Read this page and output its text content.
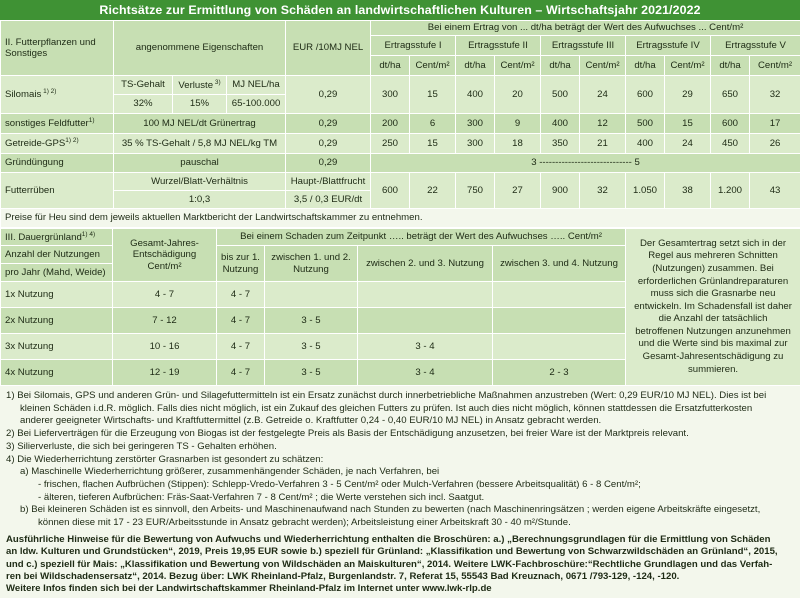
Richtsätze zur Ermittlung von Schäden an landwirtschaftlichen Kulturen – Wirtschaftsjahr 2021/2022
II. Futterpflanzen und Sonstiges	angenommene Eigenschaften			EUR /10MJ NEL	Bei einem Ertrag von ... dt/ha beträgt der Wert des Aufwuchses ... Cent/m²									
					Ertragsstufe I		Ertragsstufe II		Ertragsstufe III		Ertragsstufe IV		Ertragsstufe V	
					dt/ha	Cent/m²	dt/ha	Cent/m²	dt/ha	Cent/m²	dt/ha	Cent/m²	dt/ha	Cent/m²
Silomais $^{1) 2)}$	TS-Gehalt	Verluste $^{3)}$	MJ NEL/ha	0,29	300	15	400	20	500	24	600	29	650	32
	32%	15%	65-100.000											
sonstiges Feldfutter$^{1)}$	100 MJ NEL/dt Grünertrag			0,29	200	6	300	9	400	12	500	15	600	17
Getreide-$GPS^{1) 2)}$	35 % TS-Gehalt / 5,8 MJ NEL/kg TM			0,29	250	15	300	18	350	21	400	24	450	26
Gründüngung	pauschal			0,29	3 ----------------------------- 5									
Futterrüben	Wurzel/Blatt-Verhältnis			Haupt-/Blattfrucht	600	22	750	27	900	32	1.050	38	1.200	43
	1:0,3			3,5 / 0,3 EUR/dt										
Preise für Heu sind dem jeweils aktuellen Marktbericht der Landwirtschaftskammer zu entnehmen.														
III. Dauergrünland$^{1) 4)}$	Gesamt-Jahres-Entschädigung Cent/m²	Bei einem Schaden zum Zeitpunkt ….. beträgt der Wert des Aufwuchses ….. Cent/m²				Der Gesamtertrag setzt sich in der Regel aus mehreren Schnitten (Nutzungen) zusammen. Bei erforderlichen Grünlandreparaturen muss sich die Grasnarbe neu entwickeln. Im Schadensfall ist daher die Anzahl der tatsächlich betroffenen Nutzungen anzunehmen und die Werte sind bis maximal zur Gesamt-Jahresentschädigung zu summieren.
Anzahl der Nutzungen		bis zur 1. Nutzung	zwischen 1. und 2. Nutzung	zwischen 2. und 3. Nutzung	zwischen 3. und 4. Nutzung	
pro Jahr (Mahd, Weide)						
1x Nutzung	4 - 7	4 - 7				
2x Nutzung	7 - 12	4 - 7	3 - 5			
3x Nutzung	10 - 16	4 - 7	3 - 5	3 - 4		
4x Nutzung	12 - 19	4 - 7	3 - 5	3 - 4	2 - 3	
1) Bei Silomais, GPS und anderen Grün- und Silagefuttermitteln ist ein Ersatz zunächst durch innerbetriebliche Maßnahmen anzustreben (Wert: 0,29 EUR/10 MJ NEL). Dies ist bei
kleinen Schäden i.d.R. möglich. Falls dies nicht möglich, ist ein Zukauf des gleichen Futters zu prüfen. Ist auch dies nicht möglich, können stattdessen die Ersatzfutterkosten
anderer geeigneter Wirtschafts- und Kraftfuttermittel (z.B. Getreide o. Kraftfutter 0,24 - 0,40 EUR/10 MJ NEL) in Ansatz gebracht werden.
2) Bei Lieferverträgen für die Erzeugung von Biogas ist der festgelegte Preis als Basis der Entschädigung anzusetzen, bei freier Ware ist der Marktpreis relevant.
3) Silierverluste, die sich bei geringeren TS - Gehalten erhöhen.
4) Die Wiederherrichtung zerstörter Grasnarben ist gesondert zu schätzen:
a) Maschinelle Wiederherrichtung größerer, zusammenhängender Schäden, je nach Verfahren, bei
- frischen, flachen Aufbrüchen (Stippen): Schlepp-Vredo-Verfahren 3 - 5 Cent/m² oder Mulch-Verfahren (bessere Arbeitsqualität) 6 - 8 Cent/m²;
- älteren, tieferen Aufbrüchen: Fräs-Saat-Verfahren 7 - 8 Cent/m² ; die Werte verstehen sich incl. Saatgut.
b) Bei kleineren Schäden ist es sinnvoll, den Arbeits- und Maschinenaufwand nach Stunden zu bewerten (nach Maschinenringsätzen ; werden eigene Arbeitskräfte eingesetzt,
können diese mit 17 - 23 EUR/Arbeitsstunde in Ansatz gebracht werden); Arbeitsleistung einer Arbeitskraft 30 - 40 m²/Stunde.
Ausführliche Hinweise für die Bewertung von Aufwuchs und Wiederherrichtung enthalten die Broschüren: a.) „Berechnungsgrundlagen für die Ermittlung von Schäden
an ldw. Kulturen und Grundstücken“, 2019, Preis 19,95 EUR sowie b.) speziell für Grünland: „Klassifikation und Bewertung von Schwarzwildschäden an Grünland“, 2015,
und c.) speziell für Mais: „Klassifikation und Bewertung von Wildschäden an Maiskulturen“, 2014. Weitere LWK-Fachbroschüre:“Rechtliche Grundlagen und das Verfah-
ren bei Wildschadensersatz“, 2014. Bezug über: LWK Rheinland-Pfalz, Burgenlandstr. 7, Referat 15, 55543 Bad Kreuznach, 0671 /793-129, -124, -120.
Weitere Infos finden sich bei der Landwirtschaftskammer Rheinland-Pfalz im Internet unter www.lwk-rlp.de
